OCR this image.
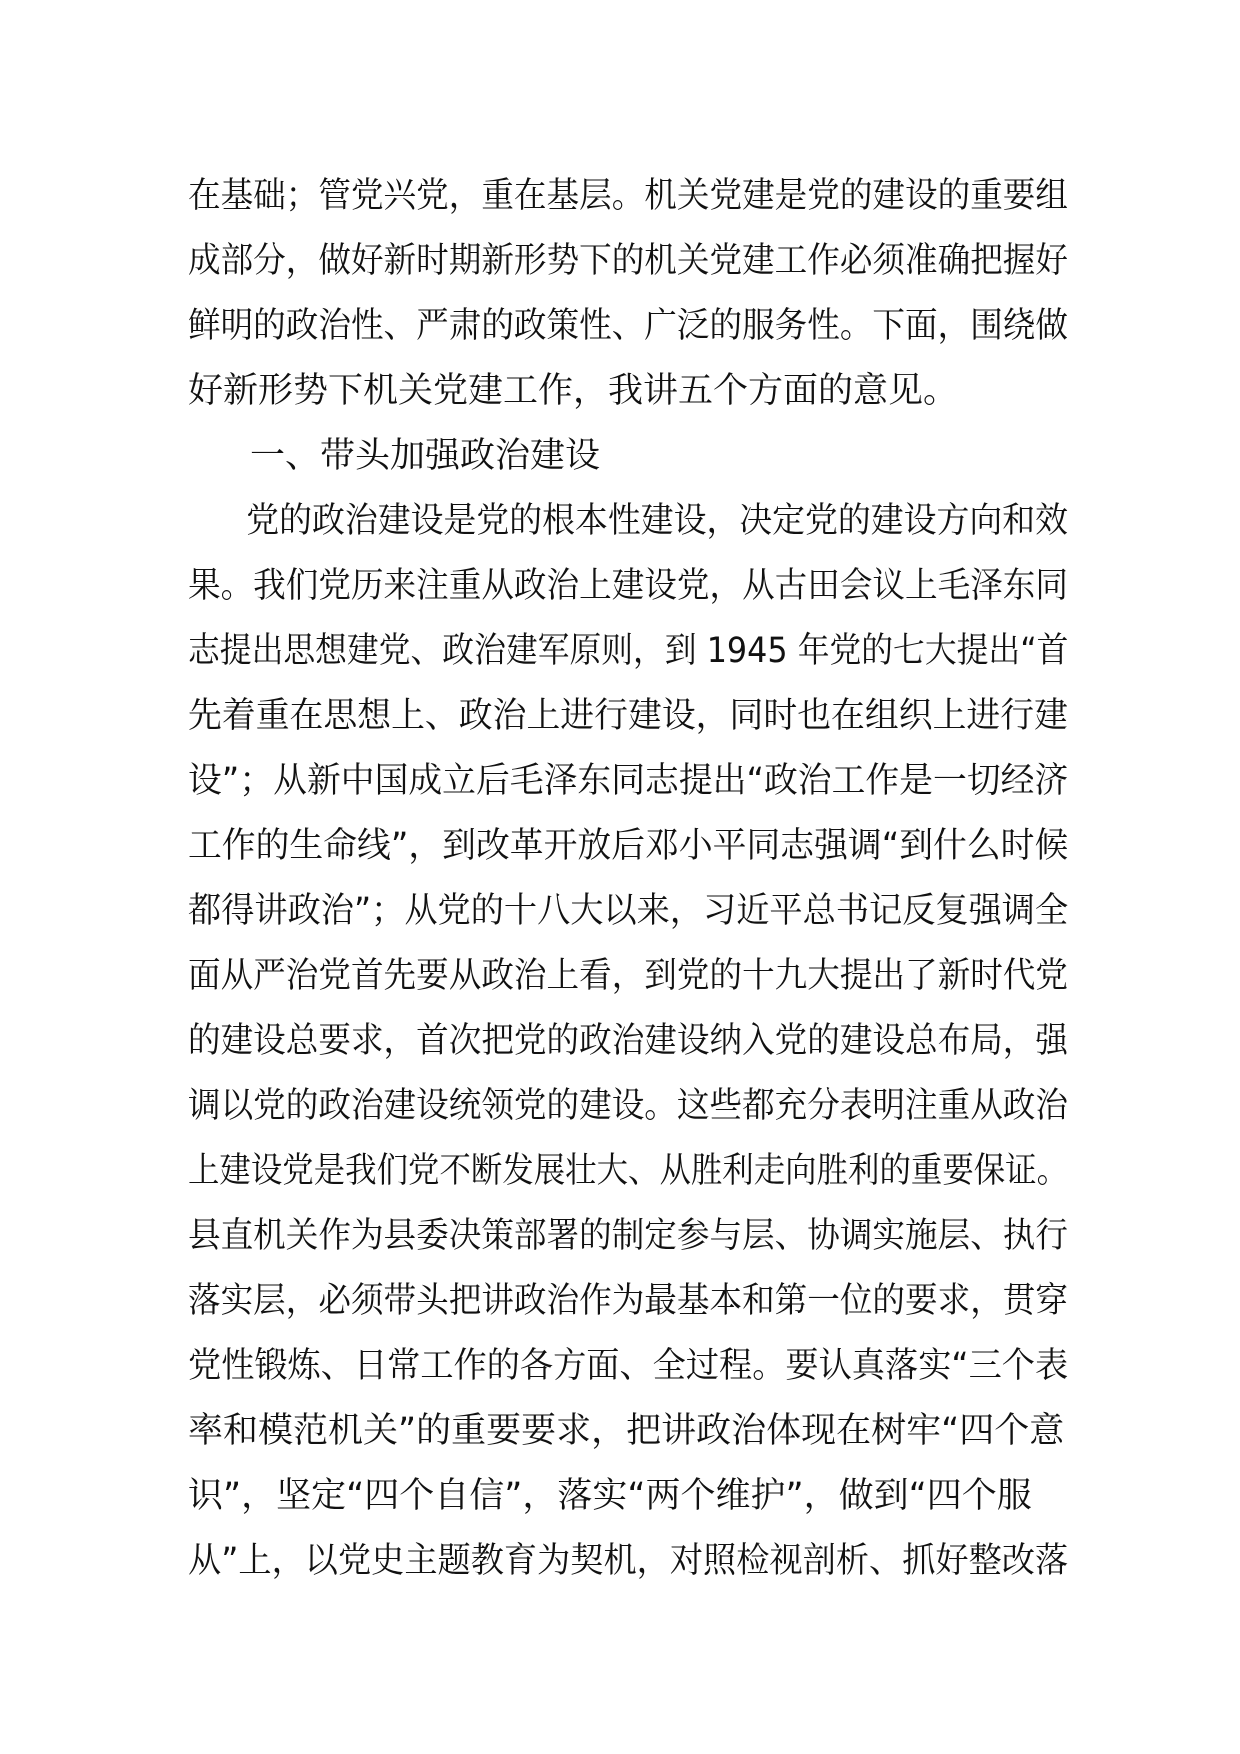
在基础；管党兴党，重在基层。机关党建是党的建设的重要组
成部分，做好新时期新形势下的机关党建工作必须准确把握好
鲜明的政治性、严肃的政策性、广泛的服务性。下面，围绕做
好新形势下机关党建工作，我讲五个方面的意见。
一、带头加强政治建设
党的政治建设是党的根本性建设，决定党的建设方向和效
果。我们党历来注重从政治上建设党，从古田会议上毛泽东同
志提出思想建党、政治建军原则，到 1945 年党的七大提出“首
先着重在思想上、政治上进行建设，同时也在组织上进行建
设”；从新中国成立后毛泽东同志提出“政治工作是一切经济
工作的生命线”，到改革开放后邓小平同志强调“到什么时候
都得讲政治”；从党的十八大以来，习近平总书记反复强调全
面从严治党首先要从政治上看，到党的十九大提出了新时代党
的建设总要求，首次把党的政治建设纳入党的建设总布局，强
调以党的政治建设统领党的建设。这些都充分表明注重从政治
上建设党是我们党不断发展壮大、从胜利走向胜利的重要保证。
县直机关作为县委决策部署的制定参与层、协调实施层、执行
落实层，必须带头把讲政治作为最基本和第一位的要求，贯穿
党性锻炼、日常工作的各方面、全过程。要认真落实“三个表
率和模范机关”的重要要求，把讲政治体现在树牢“四个意
识”，坚定“四个自信”，落实“两个维护”，做到“四个服
从”上，以党史主题教育为契机，对照检视剖析、抓好整改落
